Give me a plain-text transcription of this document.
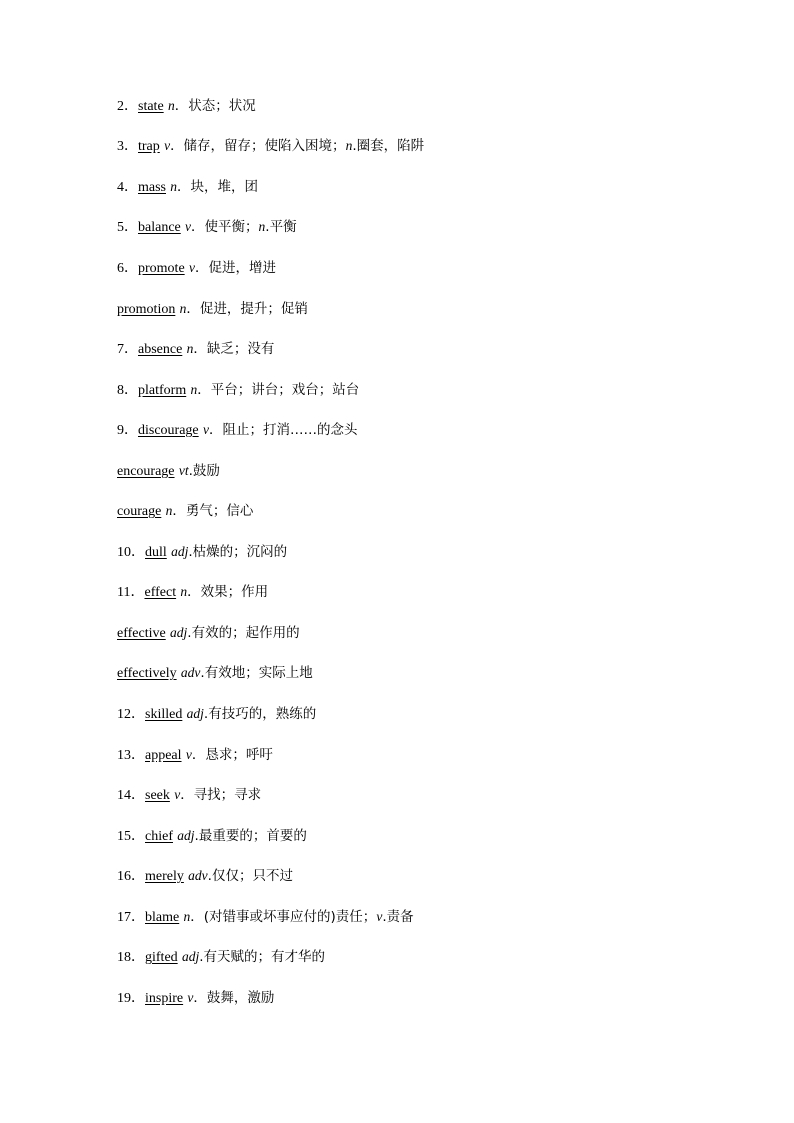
2．state n．状态；状况
3．trap v．储存，留存；使陷入困境；n.圈套，陷阱
4．mass n．块，堆，团
5．balance v．使平衡；n.平衡
6．promote v．促进，增进
promotion n．促进，提升；促销
7．absence n．缺乏；没有
8．platform n．平台；讲台；戏台；站台
9．discourage v．阻止；打消……的念头
encourage vt.鼓励
courage n．勇气；信心
10．dull adj.枯燥的；沉闷的
11．effect n．效果；作用
effective adj.有效的；起作用的
effectively adv.有效地；实际上地
12．skilled adj.有技巧的，熟练的
13．appeal v．恳求；呼吁
14．seek v．寻找；寻求
15．chief adj.最重要的；首要的
16．merely adv.仅仅；只不过
17．blame n．(对错事或坏事应付的)责任；v.责备
18．gifted adj.有天赋的；有才华的
19．inspire v．鼓舞，激励
